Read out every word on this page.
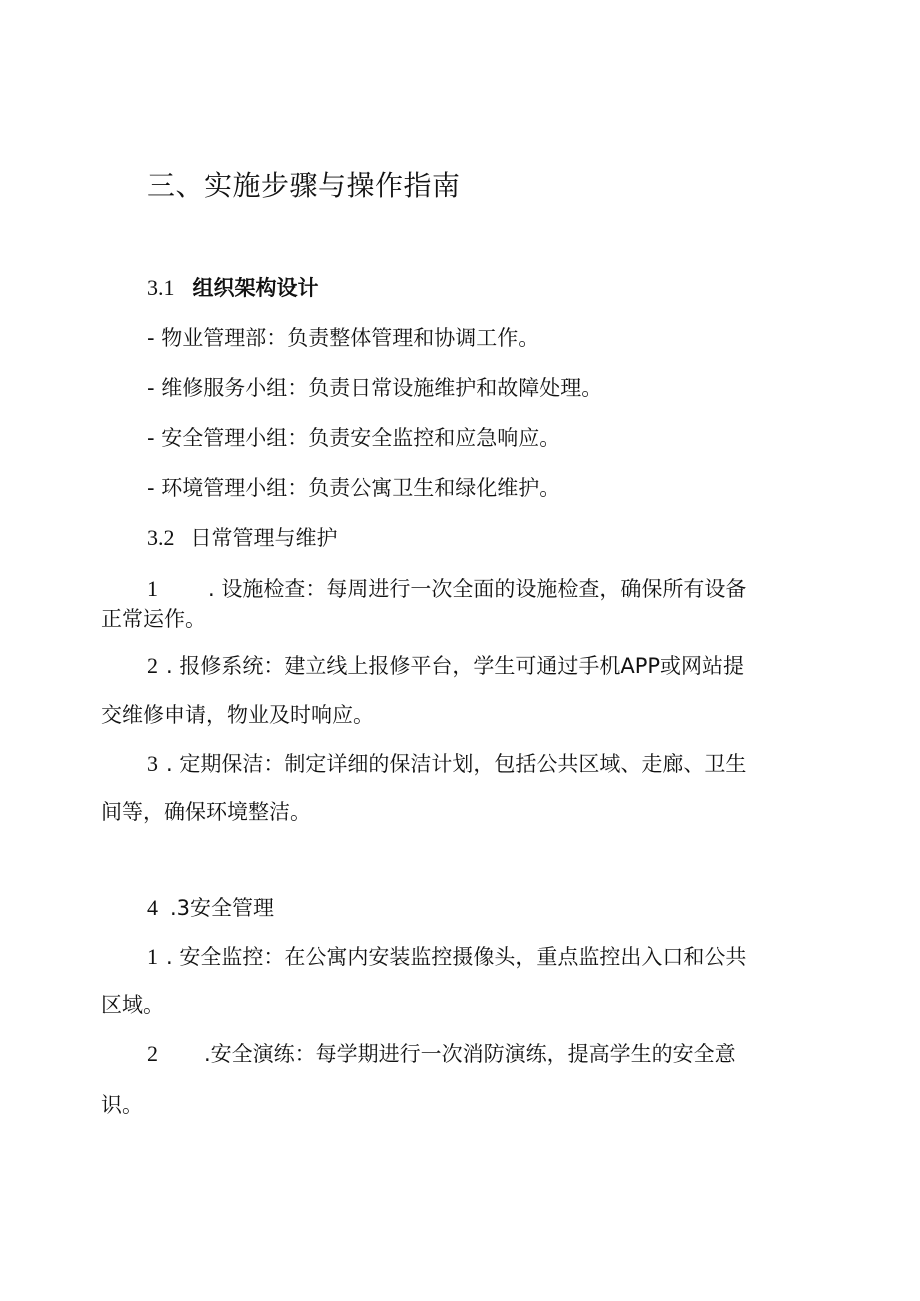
三、实施步骤与操作指南
3.1 组织架构设计
- 物业管理部：负责整体管理和协调工作。
- 维修服务小组：负责日常设施维护和故障处理。
- 安全管理小组：负责安全监控和应急响应。
- 环境管理小组：负责公寓卫生和绿化维护。
3.2 日常管理与维护
1 . 设施检查：每周进行一次全面的设施检查，确保所有设备
正常运作。
2 . 报修系统：建立线上报修平台，学生可通过手机APP或网站提
交维修申请，物业及时响应。
3 . 定期保洁：制定详细的保洁计划，包括公共区域、走廊、卫生
间等，确保环境整洁。
4 .3安全管理
1 . 安全监控：在公寓内安装监控摄像头，重点监控出入口和公共
区域。
2 .安全演练：每学期进行一次消防演练，提高学生的安全意
识。
